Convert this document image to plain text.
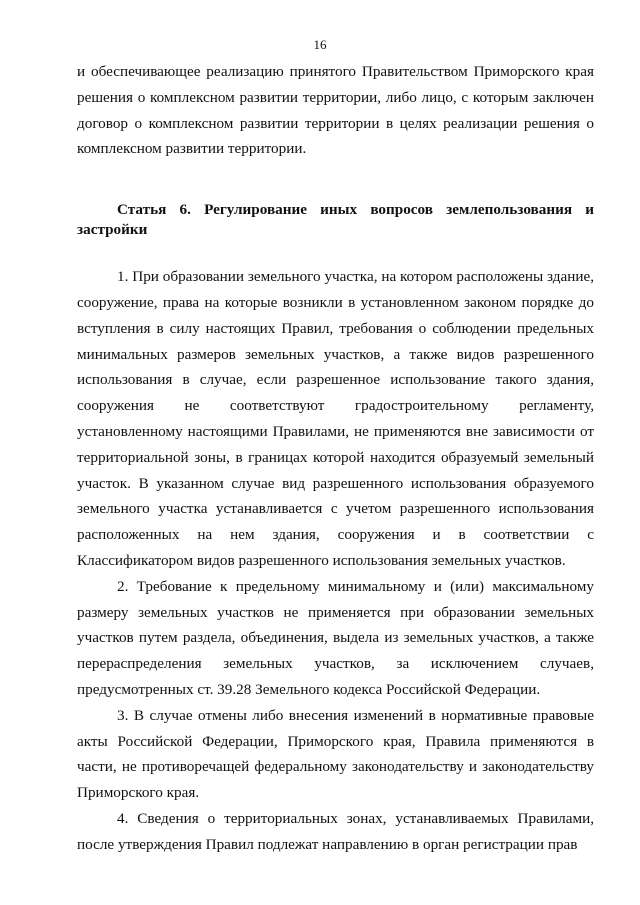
16

и обеспечивающее реализацию принятого Правительством Приморского края решения о комплексном развитии территории, либо лицо, с которым заключен договор о комплексном развитии территории в целях реализации решения о комплексном развитии территории.

Статья 6. Регулирование иных вопросов землепользования и застройки

1. При образовании земельного участка, на котором расположены здание, сооружение, права на которые возникли в установленном законом порядке до вступления в силу настоящих Правил, требования о соблюдении предельных минимальных размеров земельных участков, а также видов разрешенного использования в случае, если разрешенное использование такого здания, сооружения не соответствуют градостроительному регламенту, установленному настоящими Правилами, не применяются вне зависимости от территориальной зоны, в границах которой находится образуемый земельный участок. В указанном случае вид разрешенного использования образуемого земельного участка устанавливается с учетом разрешенного использования расположенных на нем здания, сооружения и в соответствии с Классификатором видов разрешенного использования земельных участков.

2. Требование к предельному минимальному и (или) максимальному размеру земельных участков не применяется при образовании земельных участков путем раздела, объединения, выдела из земельных участков, а также перераспределения земельных участков, за исключением случаев, предусмотренных ст. 39.28 Земельного кодекса Российской Федерации.

3. В случае отмены либо внесения изменений в нормативные правовые акты Российской Федерации, Приморского края, Правила применяются в части, не противоречащей федеральному законодательству и законодательству Приморского края.

4. Сведения о территориальных зонах, устанавливаемых Правилами, после утверждения Правил подлежат направлению в орган регистрации прав
